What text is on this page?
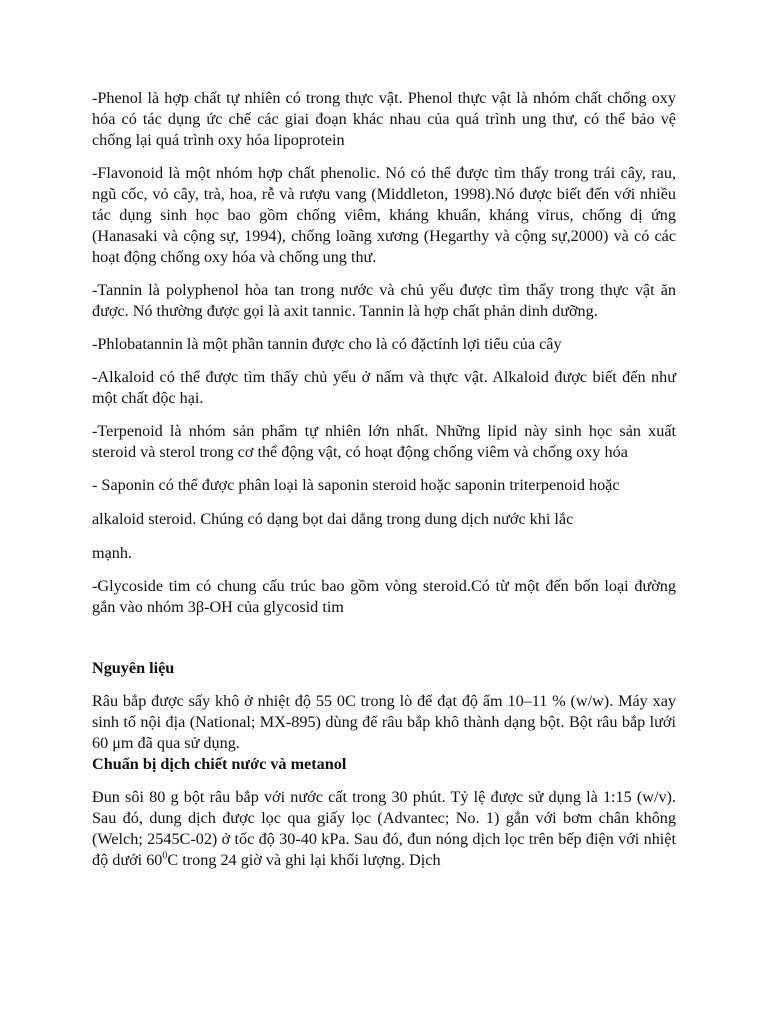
-Phenol là hợp chất tự nhiên có trong thực vật. Phenol thực vật là nhóm chất chống oxy hóa có tác dụng ức chế các giai đoạn khác nhau của quá trình ung thư, có thể bảo vệ chống lại quá trình oxy hóa lipoprotein

-Flavonoid là một nhóm hợp chất phenolic. Nó có thể được tìm thấy trong trái cây, rau, ngũ cốc, vỏ cây, trà, hoa, rễ và rượu vang (Middleton, 1998).Nó được biết đến với nhiều tác dụng sinh học bao gồm chống viêm, kháng khuẩn, kháng virus, chống dị ứng (Hanasaki và cộng sự, 1994), chống loãng xương (Hegarthy và cộng sự,2000) và có các hoạt động chống oxy hóa và chống ung thư.

-Tannin là polyphenol hòa tan trong nước và chủ yếu được tìm thấy trong thực vật ăn được. Nó thường được gọi là axit tannic. Tannin là hợp chất phản dinh dưỡng.

-Phlobatannin là một phần tannin được cho là có đặctính lợi tiểu của cây

-Alkaloid có thể được tìm thấy chủ yếu ở nấm và thực vật. Alkaloid được biết đến như một chất độc hại.

-Terpenoid là nhóm sản phẩm tự nhiên lớn nhất. Những lipid này sinh học sản xuất steroid và sterol trong cơ thể động vật, có hoạt động chống viêm và chống oxy hóa

- Saponin có thể được phân loại là saponin steroid hoặc saponin triterpenoid hoặc

alkaloid steroid. Chúng có dạng bọt dai dẳng trong dung dịch nước khi lắc

mạnh.

-Glycoside tim có chung cấu trúc bao gồm vòng steroid.Có từ một đến bốn loại đường gắn vào nhóm 3β-OH của glycosid tim

Nguyên liệu

Râu bắp được sấy khô ở nhiệt độ 55 0C trong lò để đạt độ ẩm 10–11 % (w/w). Máy xay sinh tố nội địa (National; MX-895) dùng để râu bắp khô thành dạng bột. Bột râu bắp lưới 60 μm đã qua sử dụng.

Chuẩn bị dịch chiết nước và metanol

Đun sôi 80 g bột râu bắp với nước cất trong 30 phút. Tỷ lệ được sử dụng là 1:15 (w/v). Sau đó, dung dịch được lọc qua giấy lọc (Advantec; No. 1) gắn với bơm chân không (Welch; 2545C-02) ở tốc độ 30-40 kPa. Sau đó, đun nóng dịch lọc trên bếp điện với nhiệt độ dưới $60^0C$ trong 24 giờ và ghi lại khối lượng. Dịch
